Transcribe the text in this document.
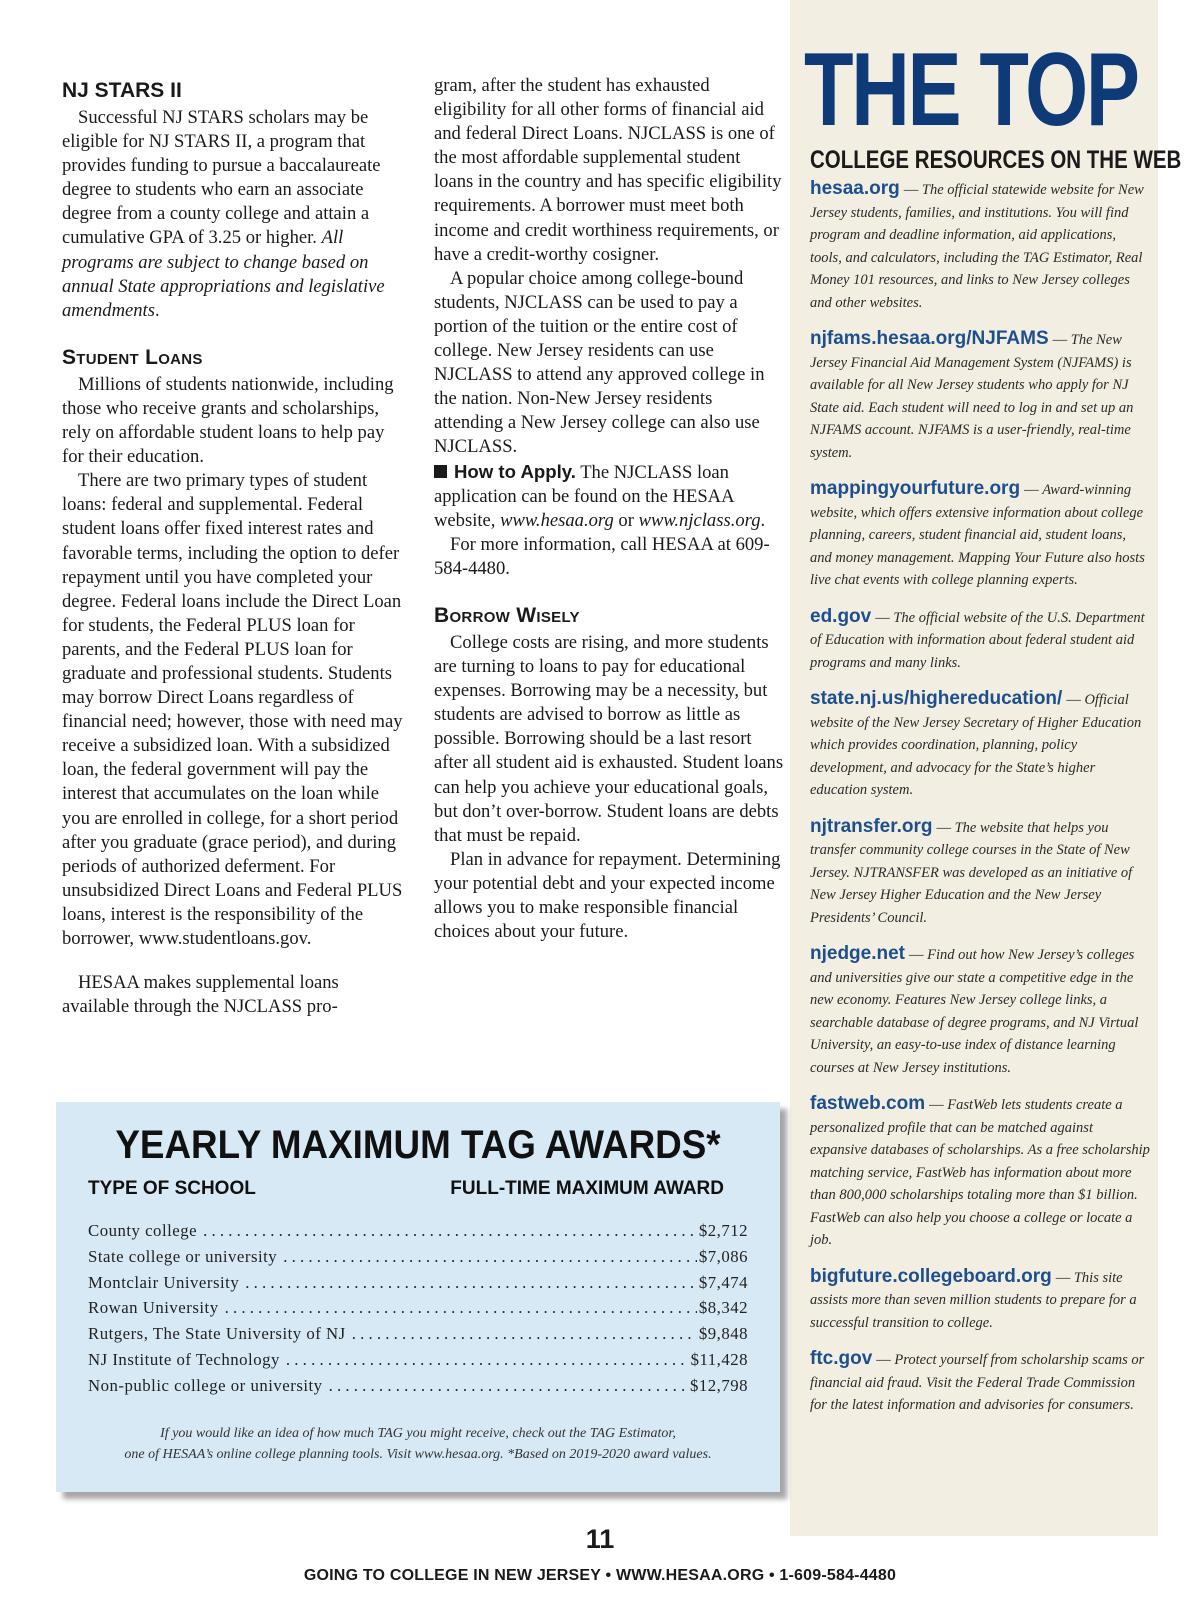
NJ STARS II

Successful NJ STARS scholars may be eligible for NJ STARS II, a program that provides funding to pursue a baccalaureate degree to students who earn an associate degree from a county college and attain a cumulative GPA of 3.25 or higher. All programs are subject to change based on annual State appropriations and legislative amendments.

Student Loans

Millions of students nationwide, including those who receive grants and scholarships, rely on affordable student loans to help pay for their education.

There are two primary types of student loans: federal and supplemental. Federal student loans offer fixed interest rates and favorable terms, including the option to defer repayment until you have completed your degree. Federal loans include the Direct Loan for students, the Federal PLUS loan for parents, and the Federal PLUS loan for graduate and professional students. Students may borrow Direct Loans regardless of financial need; however, those with need may receive a subsidized loan. With a subsidized loan, the federal government will pay the interest that accumulates on the loan while you are enrolled in college, for a short period after you graduate (grace period), and during periods of authorized deferment. For unsubsidized Direct Loans and Federal PLUS loans, interest is the responsibility of the borrower, www.studentloans.gov.

HESAA makes supplemental loans available through the NJCLASS pro-

gram, after the student has exhausted eligibility for all other forms of financial aid and federal Direct Loans. NJCLASS is one of the most affordable supplemental student loans in the country and has specific eligibility requirements. A borrower must meet both income and credit worthiness requirements, or have a credit-worthy cosigner.

A popular choice among college-bound students, NJCLASS can be used to pay a portion of the tuition or the entire cost of college. New Jersey residents can use NJCLASS to attend any approved college in the nation. Non-New Jersey residents attending a New Jersey college can also use NJCLASS.

How to Apply. The NJCLASS loan application can be found on the HESAA website, www.hesaa.org or www.njclass.org.

For more information, call HESAA at 609-584-4480.

Borrow Wisely

College costs are rising, and more students are turning to loans to pay for educational expenses. Borrowing may be a necessity, but students are advised to borrow as little as possible. Borrowing should be a last resort after all student aid is exhausted. Student loans can help you achieve your educational goals, but don’t over-borrow. Student loans are debts that must be repaid.

Plan in advance for repayment. Determining your potential debt and your expected income allows you to make responsible financial choices about your future.

THE TOP
COLLEGE RESOURCES ON THE WEB
hesaa.org — The official statewide website for New Jersey students, families, and institutions. You will find program and deadline information, aid applications, tools, and calculators, including the TAG Estimator, Real Money 101 resources, and links to New Jersey colleges and other websites.
njfams.hesaa.org/NJFAMS — The New Jersey Financial Aid Management System (NJFAMS) is available for all New Jersey students who apply for NJ State aid. Each student will need to log in and set up an NJFAMS account. NJFAMS is a user-friendly, real-time system.
mappingyourfuture.org — Award-winning website, which offers extensive information about college planning, careers, student financial aid, student loans, and money management. Mapping Your Future also hosts live chat events with college planning experts.
ed.gov — The official website of the U.S. Department of Education with information about federal student aid programs and many links.
state.nj.us/highereducation/ — Official website of the New Jersey Secretary of Higher Education which provides coordination, planning, policy development, and advocacy for the State’s higher education system.
njtransfer.org — The website that helps you transfer community college courses in the State of New Jersey. NJTRANSFER was developed as an initiative of New Jersey Higher Education and the New Jersey Presidents’ Council.
njedge.net — Find out how New Jersey’s colleges and universities give our state a competitive edge in the new economy. Features New Jersey college links, a searchable database of degree programs, and NJ Virtual University, an easy-to-use index of distance learning courses at New Jersey institutions.
fastweb.com — FastWeb lets students create a personalized profile that can be matched against expansive databases of scholarships. As a free scholarship matching service, FastWeb has information about more than 800,000 scholarships totaling more than $1 billion. FastWeb can also help you choose a college or locate a job.
bigfuture.collegeboard.org — This site assists more than seven million students to prepare for a successful transition to college.
ftc.gov — Protect yourself from scholarship scams or financial aid fraud. Visit the Federal Trade Commission for the latest information and advisories for consumers.
YEARLY MAXIMUM TAG AWARDS*
TYPE OF SCHOOL	FULL-TIME MAXIMUM AWARD
County college . . .	$2,712
State college or university . . .	$7,086
Montclair University . . .	$7,474
Rowan University . . .	$8,342
Rutgers, The State University of NJ . . .	$9,848
NJ Institute of Technology . . .	$11,428
Non-public college or university . . .	$12,798
If you would like an idea of how much TAG you might receive, check out the TAG Estimator,
one of HESAA’s online college planning tools. Visit www.hesaa.org. *Based on 2019-2020 award values.
11
GOING TO COLLEGE IN NEW JERSEY • WWW.HESAA.ORG • 1-609-584-4480
